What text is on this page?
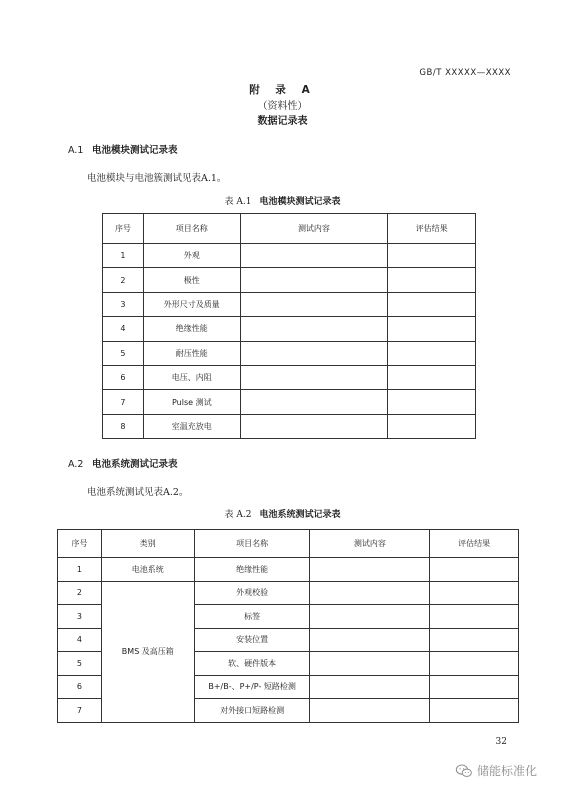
GB/T XXXXX—XXXX
附 录 A
（资料性）
数据记录表
A.1 电池模块测试记录表
电池模块与电池簇测试见表A.1。
表 A.1 电池模块测试记录表
序号	项目名称	测试内容	评估结果
1	外观		
2	极性		
3	外形尺寸及质量		
4	绝缘性能		
5	耐压性能		
6	电压、内阻		
7	Pulse 测试		
8	室温充放电		
A.2 电池系统测试记录表
电池系统测试见表A.2。
表 A.2 电池系统测试记录表
序号	类别	项目名称	测试内容	评估结果
1	电池系统	绝缘性能		
2	BMS 及高压箱	外观校验		
3		标签		
4		安装位置		
5		软、硬件版本		
6		B+/B-、P+/P- 短路检测		
7		对外接口短路检测		
32
储能标准化
